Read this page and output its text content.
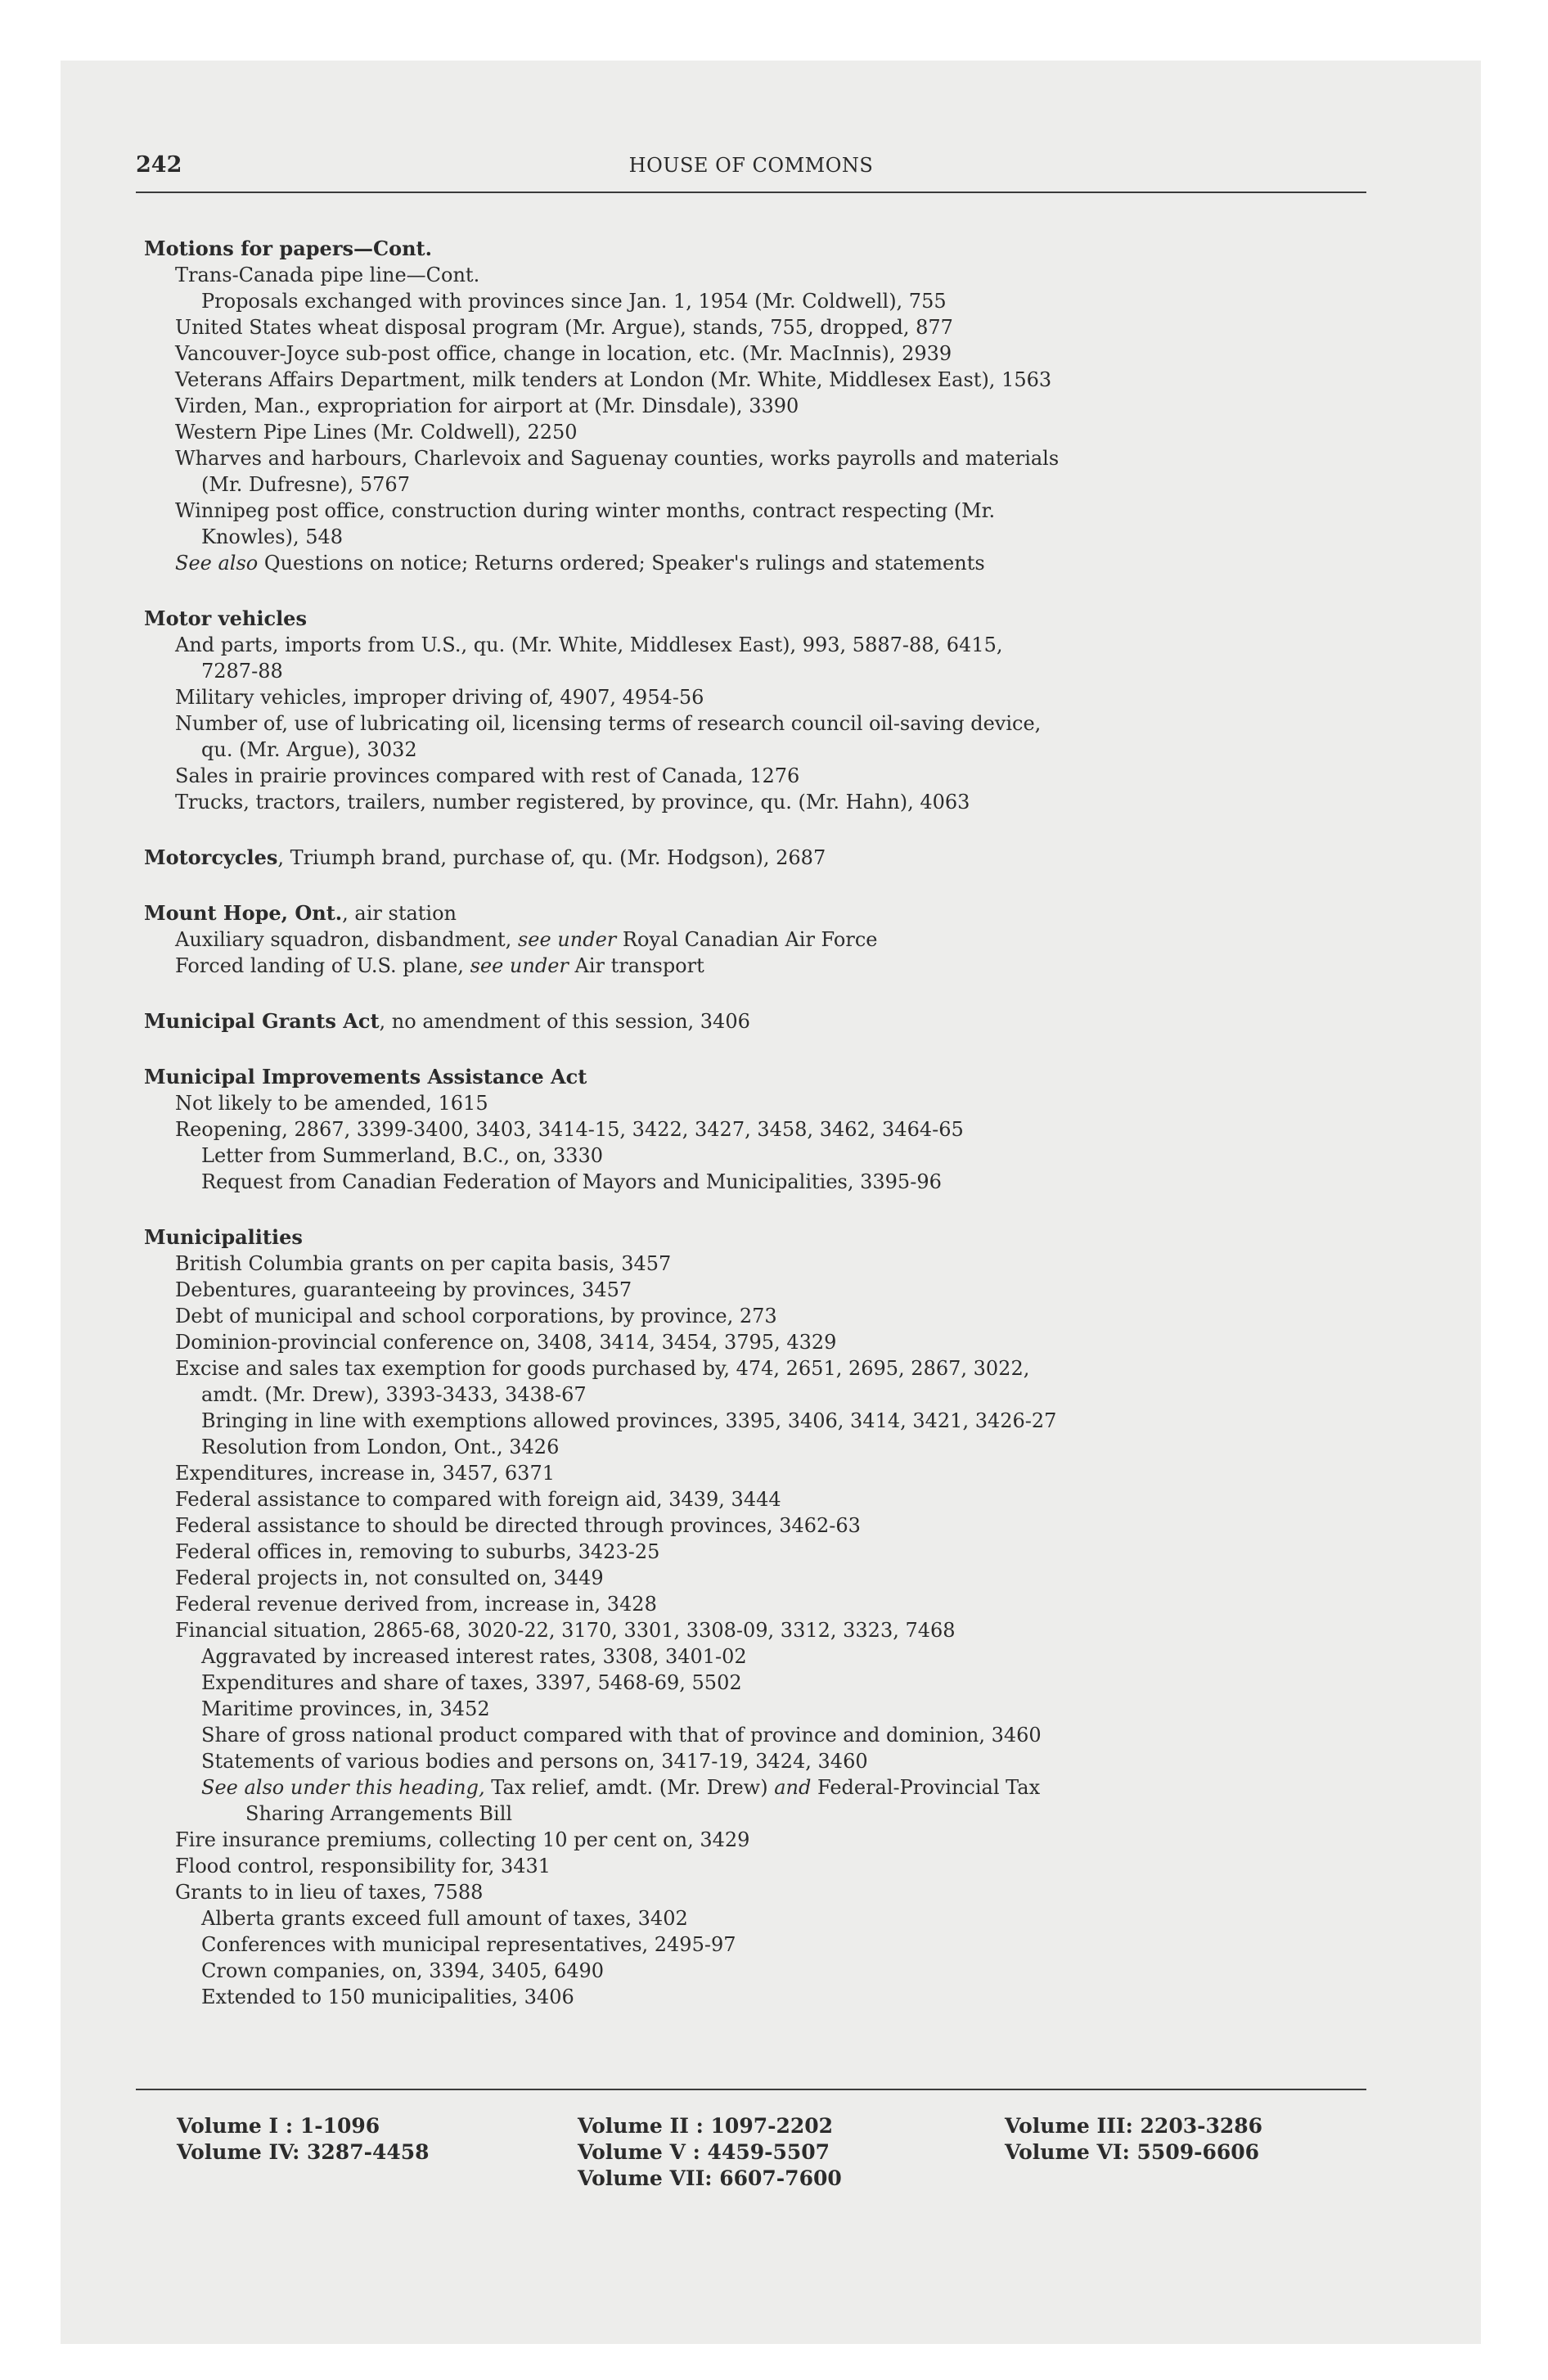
242	HOUSE OF COMMONS
Motions for papers—Cont.
Trans-Canada pipe line—Cont.
Proposals exchanged with provinces since Jan. 1, 1954 (Mr. Coldwell), 755
United States wheat disposal program (Mr. Argue), stands, 755, dropped, 877
Vancouver-Joyce sub-post office, change in location, etc. (Mr. MacInnis), 2939
Veterans Affairs Department, milk tenders at London (Mr. White, Middlesex East), 1563
Virden, Man., expropriation for airport at (Mr. Dinsdale), 3390
Western Pipe Lines (Mr. Coldwell), 2250
Wharves and harbours, Charlevoix and Saguenay counties, works payrolls and materials
(Mr. Dufresne), 5767
Winnipeg post office, construction during winter months, contract respecting (Mr.
Knowles), 548
See also Questions on notice; Returns ordered; Speaker's rulings and statements
Motor vehicles
And parts, imports from U.S., qu. (Mr. White, Middlesex East), 993, 5887-88, 6415,
7287-88
Military vehicles, improper driving of, 4907, 4954-56
Number of, use of lubricating oil, licensing terms of research council oil-saving device,
qu. (Mr. Argue), 3032
Sales in prairie provinces compared with rest of Canada, 1276
Trucks, tractors, trailers, number registered, by province, qu. (Mr. Hahn), 4063
Motorcycles, Triumph brand, purchase of, qu. (Mr. Hodgson), 2687
Mount Hope, Ont., air station
Auxiliary squadron, disbandment, see under Royal Canadian Air Force
Forced landing of U.S. plane, see under Air transport
Municipal Grants Act, no amendment of this session, 3406
Municipal Improvements Assistance Act
Not likely to be amended, 1615
Reopening, 2867, 3399-3400, 3403, 3414-15, 3422, 3427, 3458, 3462, 3464-65
Letter from Summerland, B.C., on, 3330
Request from Canadian Federation of Mayors and Municipalities, 3395-96
Municipalities
British Columbia grants on per capita basis, 3457
Debentures, guaranteeing by provinces, 3457
Debt of municipal and school corporations, by province, 273
Dominion-provincial conference on, 3408, 3414, 3454, 3795, 4329
Excise and sales tax exemption for goods purchased by, 474, 2651, 2695, 2867, 3022,
amdt. (Mr. Drew), 3393-3433, 3438-67
Bringing in line with exemptions allowed provinces, 3395, 3406, 3414, 3421, 3426-27
Resolution from London, Ont., 3426
Expenditures, increase in, 3457, 6371
Federal assistance to compared with foreign aid, 3439, 3444
Federal assistance to should be directed through provinces, 3462-63
Federal offices in, removing to suburbs, 3423-25
Federal projects in, not consulted on, 3449
Federal revenue derived from, increase in, 3428
Financial situation, 2865-68, 3020-22, 3170, 3301, 3308-09, 3312, 3323, 7468
Aggravated by increased interest rates, 3308, 3401-02
Expenditures and share of taxes, 3397, 5468-69, 5502
Maritime provinces, in, 3452
Share of gross national product compared with that of province and dominion, 3460
Statements of various bodies and persons on, 3417-19, 3424, 3460
See also under this heading, Tax relief, amdt. (Mr. Drew) and Federal-Provincial Tax
Sharing Arrangements Bill
Fire insurance premiums, collecting 10 per cent on, 3429
Flood control, responsibility for, 3431
Grants to in lieu of taxes, 7588
Alberta grants exceed full amount of taxes, 3402
Conferences with municipal representatives, 2495-97
Crown companies, on, 3394, 3405, 6490
Extended to 150 municipalities, 3406
Volume I : 1-1096
Volume IV: 3287-4458
Volume II : 1097-2202
Volume V : 4459-5507
Volume VII: 6607-7600
Volume III: 2203-3286
Volume VI: 5509-6606
